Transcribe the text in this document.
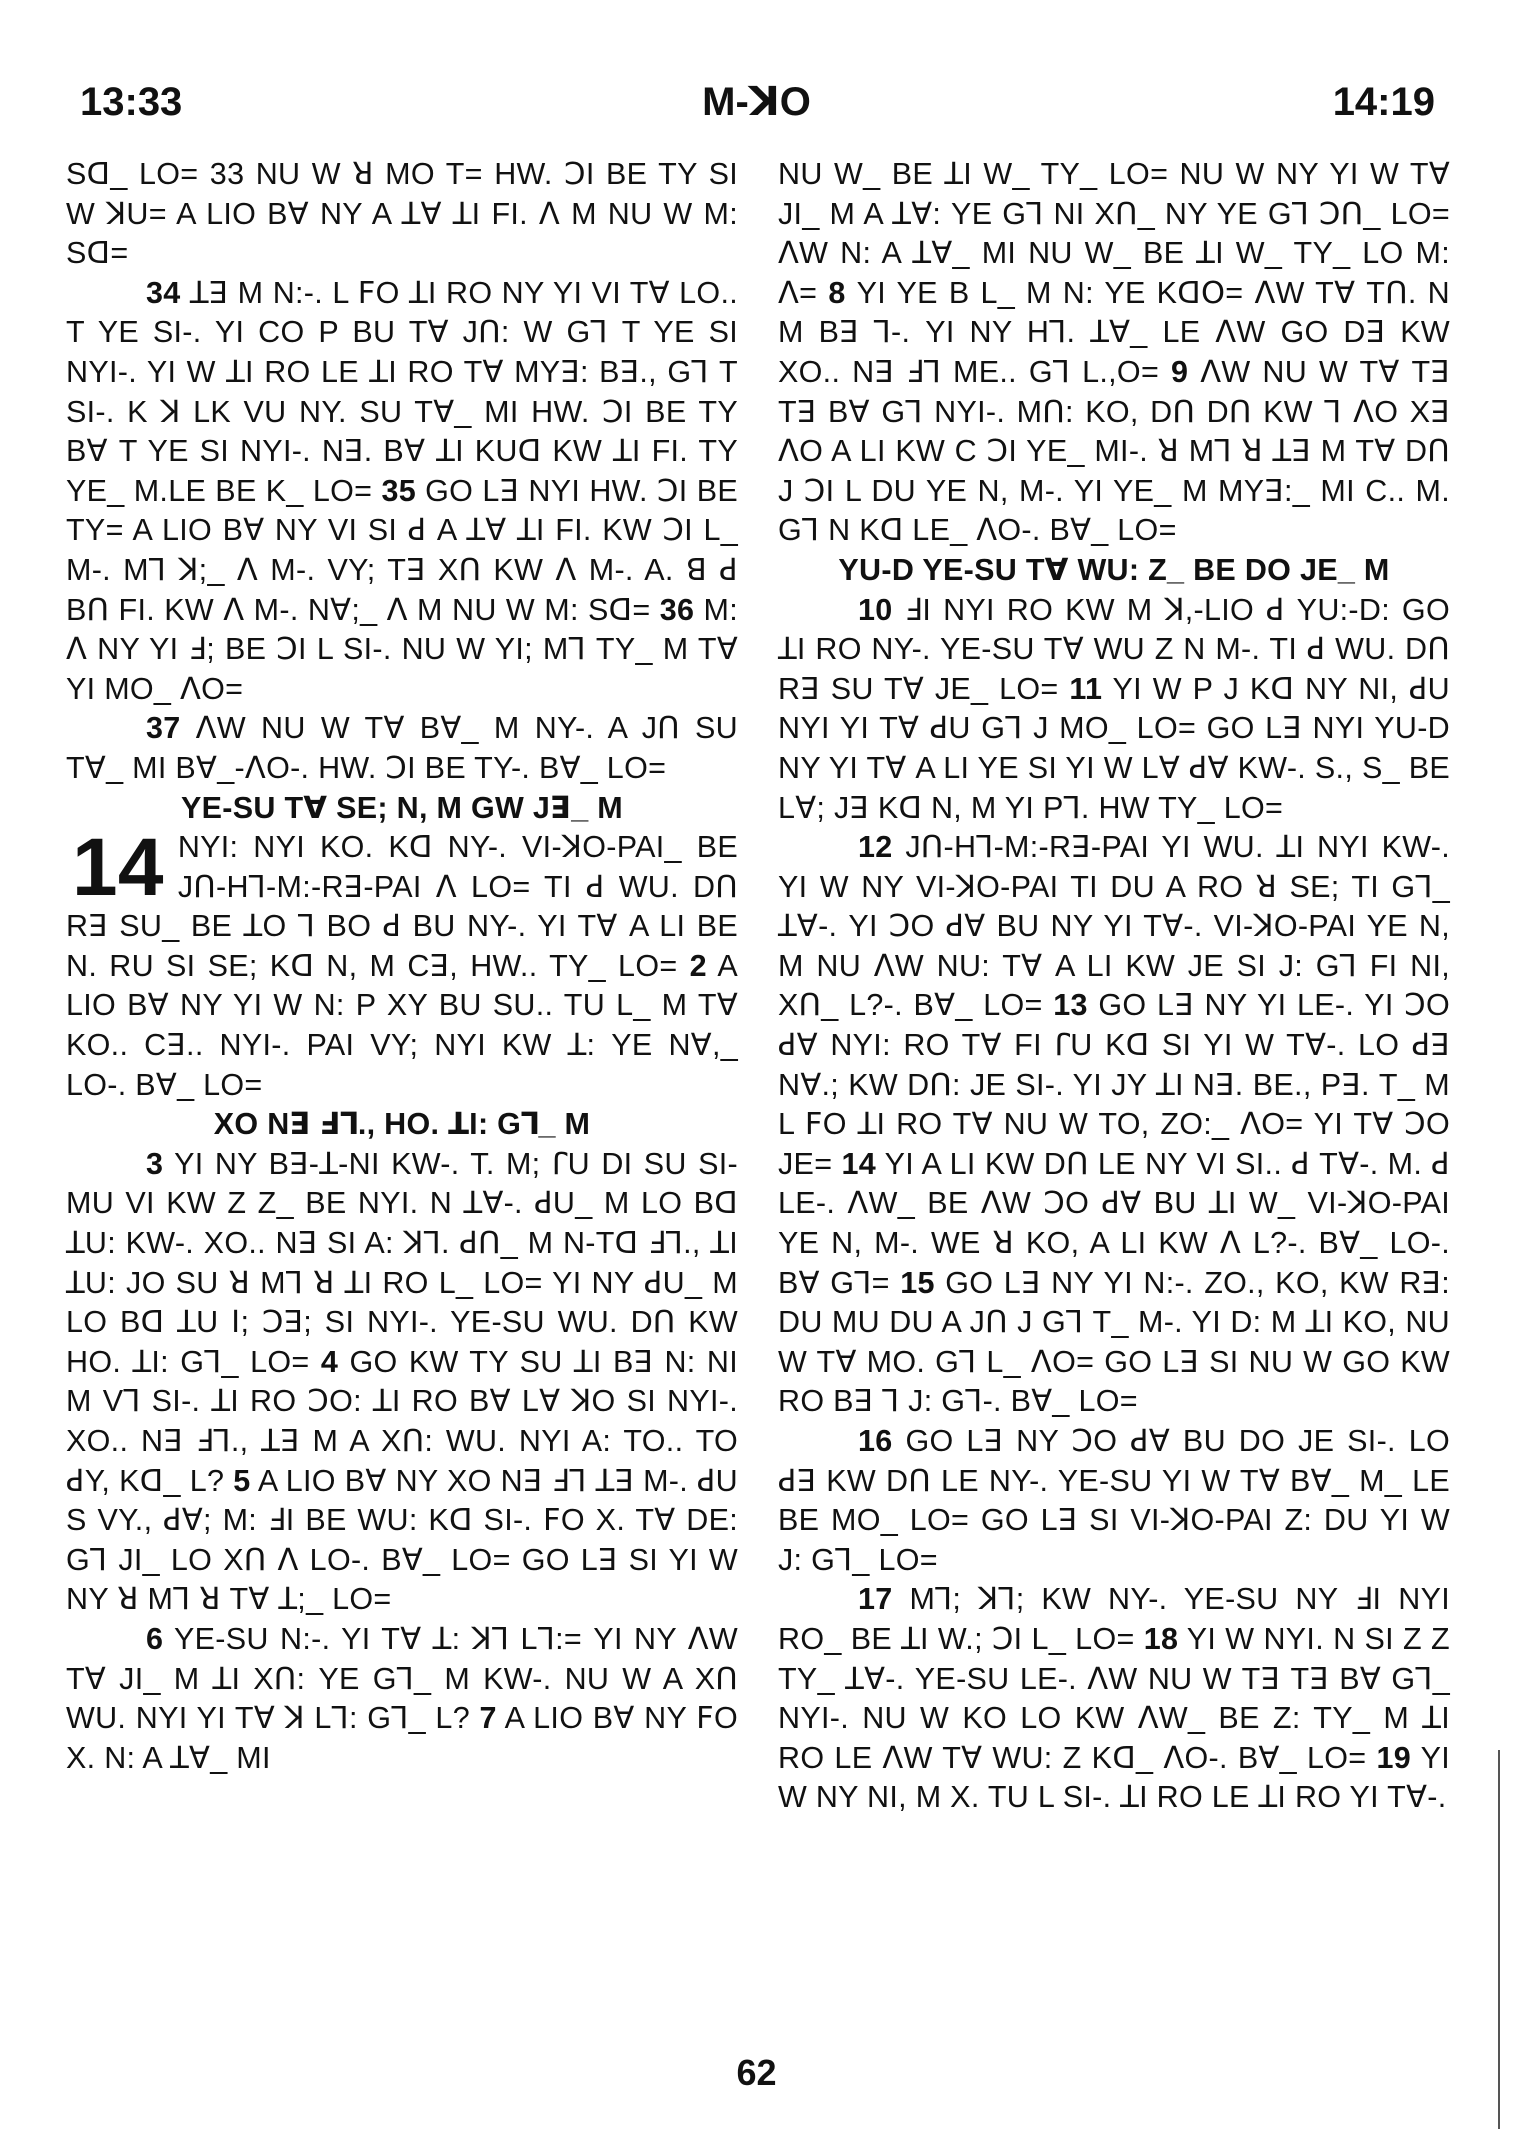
13:33	M-ꓘO	14:19

Sꓷ_ LO= 33 NU W ꓤ MO T= HW. ꓛI BE TY SI W ꓘU= A LIO Bꓯ NY A ꓕꓯ ꓕI FI. ꓥ M NU W M: Sꓷ=

34 ꓕꓱ M N:-. L ꓝO ꓕI RO NY YI VI Tꓯ LO.. T YE SI-. YI CO P BU Tꓯ Jꓵ: W Gꓶ T YE SI NYI-. YI W ꓕI RO LE ꓕI RO Tꓯ MYꓱ: Bꓱ., Gꓶ T SI-. K ꓘ LK VU NY. SU Tꓯ_ MI HW. ꓛI BE TY Bꓯ T YE SI NYI-. Nꓱ. Bꓯ ꓕI KUꓷ KW ꓕI FI. TY YE_ M.LE BE K_ LO= 35 GO Lꓱ NYI HW. ꓛI BE TY= A LIO Bꓯ NY VI SI ꓒ A ꓕꓯ ꓕI FI. KW ꓛI L_ M-. Mꓶ ꓘ;_ ꓥ M-. VY; Tꓱ Xꓵ KW ꓥ M-. A. ꓭ ꓒ Bꓵ FI. KW ꓥ M-. Nꓯ;_ ꓥ M NU W M: Sꓷ= 36 M: ꓥ NY YI ꓞ; BE ꓛI L SI-. NU W YI; Mꓶ TY_ M Tꓯ YI MO_ ꓥO=

37 ꓥW NU W Tꓯ Bꓯ_ M NY-. A Jꓵ SU Tꓯ_ MI Bꓯ_-ꓥO-. HW. ꓛI BE TY-. Bꓯ_ LO=

YE-SU Tꓯ SE; N, M GW Jꓱ_ M

14 NYI: NYI KO. Kꓷ NY-. VI-ꓘO-PAI_ BE Jꓵ-Hꓶ-M:-Rꓱ-PAI ꓥ LO= TI ꓒ WU. Dꓵ Rꓱ SU_ BE ꓕO ꓶ BO ꓒ BU NY-. YI Tꓯ A LI BE N. RU SI SE; Kꓷ N, M Cꓱ, HW.. TY_ LO= 2 A LIO Bꓯ NY YI W N: P XY BU SU.. TU L_ M Tꓯ KO.. Cꓱ.. NYI-. PAI VY; NYI KW ꓕ: YE Nꓯ,_ LO-. Bꓯ_ LO=

XO Nꓱ ꓞꓶ., HO. ꓕI: Gꓶ_ M

3 YI NY Bꓱ-ꓕ-NI KW-. T. M; ꓩU DI SU SI-MU VI KW Z Z_ BE NYI. N ꓕꓯ-. ꓒU_ M LO Bꓷ ꓕU: KW-. XO.. Nꓱ SI A: ꓘꓶ. ꓒꓵ_ M N-Tꓷ ꓞꓶ., ꓕI ꓕU: JO SU ꓤ Mꓶ ꓤ ꓕI RO L_ LO= YI NY ꓒU_ M LO Bꓷ ꓕU ꓲ; ꓛꓱ; SI NYI-. YE-SU WU. Dꓵ KW HO. ꓕI: Gꓶ_ LO= 4 GO KW TY SU ꓕI Bꓱ N: NI M Vꓶ SI-. ꓕI RO ꓛO: ꓕI RO Bꓯ Lꓯ ꓘO SI NYI-. XO.. Nꓱ ꓞꓶ., ꓕꓱ M A Xꓵ: WU. NYI A: TO.. TO ꓒY, Kꓷ_ L? 5 A LIO Bꓯ NY XO Nꓱ ꓞꓶ ꓕꓱ M-. ꓒU S VY., ꓒꓯ; M: ꓞI BE WU: Kꓷ SI-. ꓝO X. Tꓯ DE: Gꓶ JI_ LO Xꓵ ꓥ LO-. Bꓯ_ LO= GO Lꓱ SI YI W NY ꓤ Mꓶ ꓤ Tꓯ ꓕ;_ LO=

6 YE-SU N:-. YI Tꓯ ꓕ: ꓘꓶ Lꓶ:= YI NY ꓥW Tꓯ JI_ M ꓕI Xꓵ: YE Gꓶ_ M KW-. NU W A Xꓵ WU. NYI YI Tꓯ ꓘ Lꓶ: Gꓶ_ L? 7 A LIO Bꓯ NY ꓝO X. N: A ꓕꓯ_ MI

NU W_ BE ꓕI W_ TY_ LO= NU W NY YI W Tꓯ JI_ M A ꓕꓯ: YE Gꓶ NI Xꓵ_ NY YE Gꓶ ꓛꓵ_ LO= ꓥW N: A ꓕꓯ_ MI NU W_ BE ꓕI W_ TY_ LO M: ꓥ= 8 YI YE B L_ M N: YE Kꓷꓳ= ꓥW Tꓯ Tꓵ. N M Bꓱ ꓶ-. YI NY Hꓶ. ꓕꓯ_ LE ꓥW GO Dꓱ KW XO.. Nꓱ ꓞꓶ ME.. Gꓶ L.,O= 9 ꓥW NU W Tꓯ Tꓱ Tꓱ Bꓯ Gꓶ NYI-. Mꓵ: KO, Dꓵ Dꓵ KW ꓶ ꓥO Xꓱ ꓥO A LI KW C ꓛI YE_ MI-. ꓤ Mꓶ ꓤ ꓕꓱ M Tꓯ Dꓵ J ꓛI L DU YE N, M-. YI YE_ M MYꓱ:_ MI C.. M. Gꓶ N Kꓷ LE_ ꓥO-. Bꓯ_ LO=

YU-D YE-SU Tꓯ WU: Z_ BE DO JE_ M

10 ꓞI NYI RO KW M ꓘ,-LIO ꓒ YU:-D: GO ꓕI RO NY-. YE-SU Tꓯ WU Z N M-. TI ꓒ WU. Dꓵ Rꓱ SU Tꓯ JE_ LO= 11 YI W P J Kꓷ NY NI, ꓒU NYI YI Tꓯ ꓒU Gꓶ J MO_ LO= GO Lꓱ NYI YU-D NY YI Tꓯ A LI YE SI YI W Lꓯ ꓒꓯ KW-. S., S_ BE Lꓯ; Jꓱ Kꓷ N, M YI Pꓶ. HW TY_ LO=

12 Jꓵ-Hꓶ-M:-Rꓱ-PAI YI WU. ꓕI NYI KW-. YI W NY VI-ꓘO-PAI TI DU A RO ꓤ SE; TI Gꓶ_ ꓕꓯ-. YI ꓛO ꓒꓯ BU NY YI Tꓯ-. VI-ꓘO-PAI YE N, M NU ꓥW NU: Tꓯ A LI KW JE SI J: Gꓶ FI NI, Xꓵ_ L?-. Bꓯ_ LO= 13 GO Lꓱ NY YI LE-. YI ꓛO ꓒꓯ NYI: RO Tꓯ FI ꓩU Kꓷ SI YI W Tꓯ-. LO ꓒꓱ Nꓯ.; KW Dꓵ: JE SI-. YI JY ꓕI Nꓱ. BE., Pꓱ. T_ M L ꓝO ꓕI RO Tꓯ NU W TO, ZO:_ ꓥO= YI Tꓯ ꓛO JE= 14 YI A LI KW Dꓵ LE NY VI SI.. ꓒ Tꓯ-. M. ꓒ LE-. ꓥW_ BE ꓥW ꓛO ꓒꓯ BU ꓕI W_ VI-ꓘO-PAI YE N, M-. WE ꓤ KO, A LI KW ꓥ L?-. Bꓯ_ LO-. Bꓯ Gꓶ= 15 GO Lꓱ NY YI N:-. ZO., KO, KW Rꓱ: DU MU DU A Jꓵ J Gꓶ T_ M-. YI D: M ꓕI KO, NU W Tꓯ MO. Gꓶ L_ ꓥO= GO Lꓱ SI NU W GO KW RO Bꓱ ꓶ J: Gꓶ-. Bꓯ_ LO=

16 GO Lꓱ NY ꓛO ꓒꓯ BU DO JE SI-. LO ꓒꓱ KW Dꓵ LE NY-. YE-SU YI W Tꓯ Bꓯ_ M_ LE BE MO_ LO= GO Lꓱ SI VI-ꓘO-PAI Z: DU YI W J: Gꓶ_ LO=

17 Mꓶ; ꓘꓶ; KW NY-. YE-SU NY ꓞI NYI RO_ BE ꓕI W.; ꓛI L_ LO= 18 YI W NYI. N SI Z Z TY_ ꓕꓯ-. YE-SU LE-. ꓥW NU W Tꓱ Tꓱ Bꓯ Gꓶ_ NYI-. NU W KO LO KW ꓥW_ BE Z: TY_ M ꓕI RO LE ꓥW Tꓯ WU: Z Kꓷ_ ꓥO-. Bꓯ_ LO= 19 YI W NY NI, M X. TU L SI-. ꓕI RO LE ꓕI RO YI Tꓯ-.

62
